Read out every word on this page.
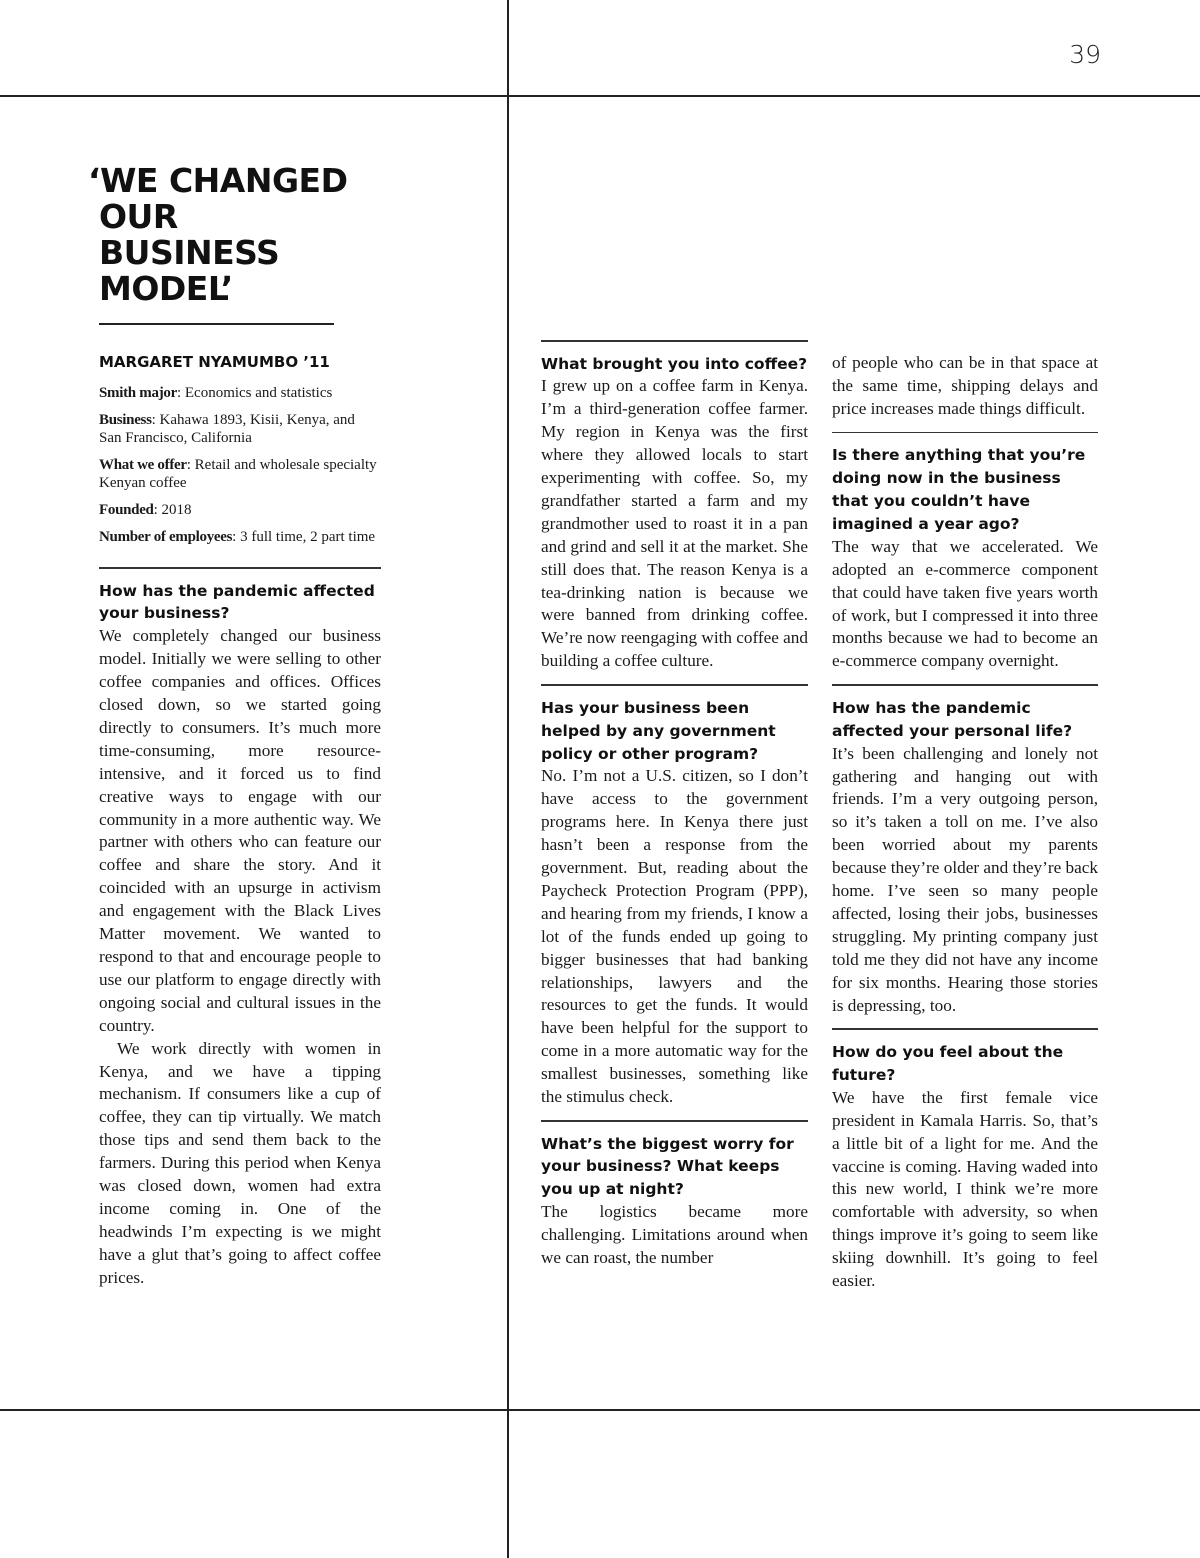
39
‘WE CHANGED
OUR
BUSINESS
MODEL’

MARGARET NYAMUMBO ’11

Smith major: Economics and statistics

Business: Kahawa 1893, Kisii, Kenya, and San Francisco, California

What we offer: Retail and wholesale specialty Kenyan coffee

Founded: 2018

Number of employees: 3 full time, 2 part time

How has the pandemic affected your business?

We completely changed our business model. Initially we were selling to other coffee companies and offices. Offices closed down, so we started going directly to consumers. It’s much more time-consuming, more resource-intensive, and it forced us to find creative ways to engage with our community in a more authentic way. We partner with others who can feature our coffee and share the story. And it coincided with an upsurge in activism and engagement with the Black Lives Matter movement. We wanted to respond to that and encourage people to use our platform to engage directly with ongoing social and cultural issues in the country.

We work directly with women in Kenya, and we have a tipping mechanism. If consumers like a cup of coffee, they can tip virtually. We match those tips and send them back to the farmers. During this period when Kenya was closed down, women had extra income coming in. One of the headwinds I’m expecting is we might have a glut that’s going to affect coffee prices.

What brought you into coffee?

I grew up on a coffee farm in Kenya. I’m a third-generation coffee farmer. My region in Kenya was the first where they allowed locals to start experimenting with coffee. So, my grandfather started a farm and my grandmother used to roast it in a pan and grind and sell it at the market. She still does that. The reason Kenya is a tea-drinking nation is because we were banned from drinking coffee. We’re now reengaging with coffee and building a coffee culture.

Has your business been helped by any government policy or other program?

No. I’m not a U.S. citizen, so I don’t have access to the government programs here. In Kenya there just hasn’t been a response from the government. But, reading about the Paycheck Protection Program (PPP), and hearing from my friends, I know a lot of the funds ended up going to bigger businesses that had banking relationships, lawyers and the resources to get the funds. It would have been helpful for the support to come in a more automatic way for the smallest businesses, something like the stimulus check.

What’s the biggest worry for your business? What keeps you up at night?

The logistics became more challenging. Limitations around when we can roast, the number

of people who can be in that space at the same time, shipping delays and price increases made things difficult.

Is there anything that you’re doing now in the business that you couldn’t have imagined a year ago?

The way that we accelerated. We adopted an e-commerce component that could have taken five years worth of work, but I compressed it into three months because we had to become an e-commerce company overnight.

How has the pandemic affected your personal life?

It’s been challenging and lonely not gathering and hanging out with friends. I’m a very outgoing person, so it’s taken a toll on me. I’ve also been worried about my parents because they’re older and they’re back home. I’ve seen so many people affected, losing their jobs, businesses struggling. My printing company just told me they did not have any income for six months. Hearing those stories is depressing, too.

How do you feel about the future?

We have the first female vice president in Kamala Harris. So, that’s a little bit of a light for me. And the vaccine is coming. Having waded into this new world, I think we’re more comfortable with adversity, so when things improve it’s going to seem like skiing downhill. It’s going to feel easier.
